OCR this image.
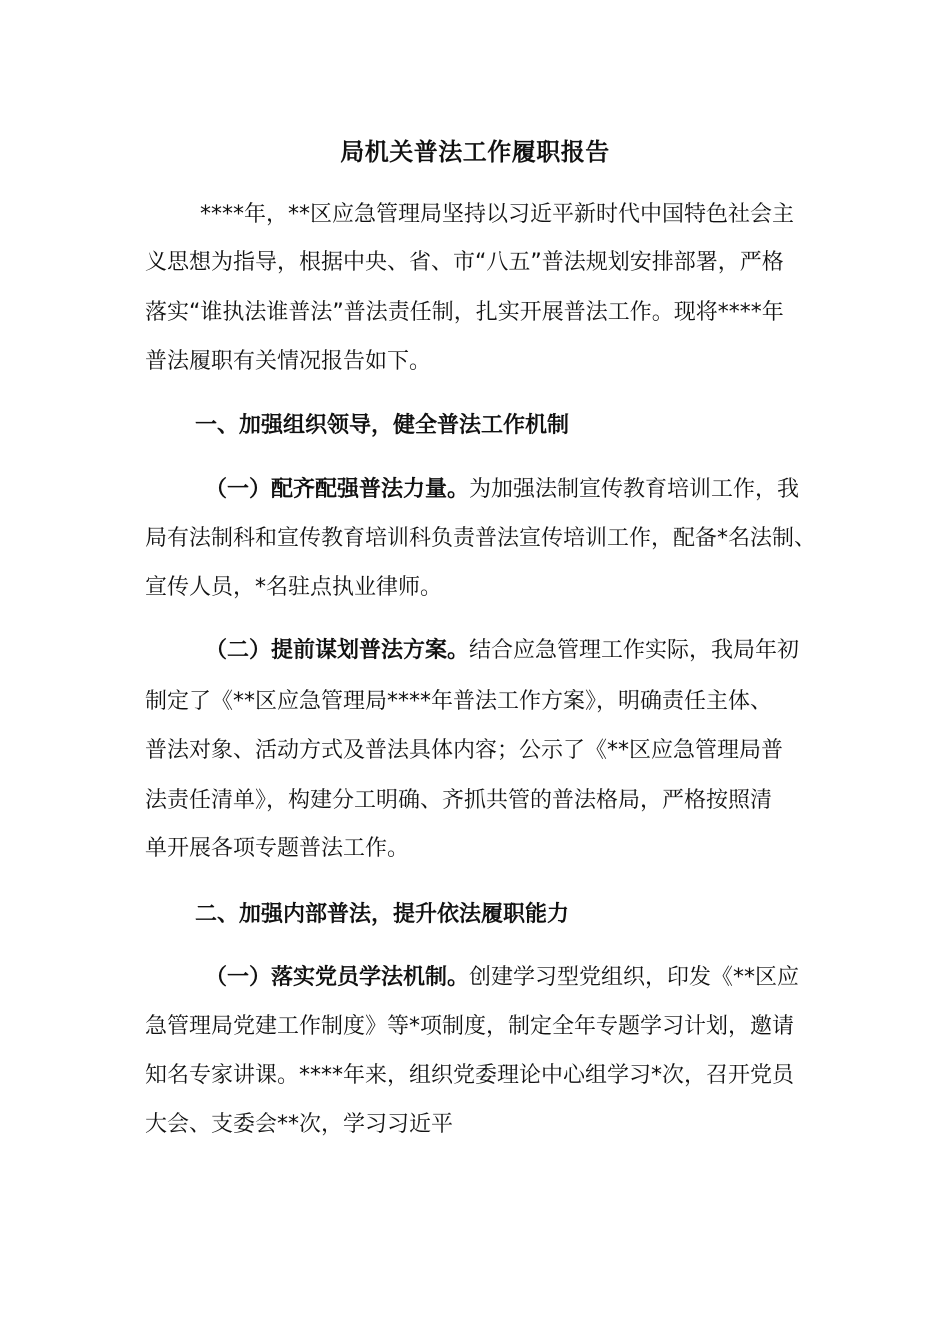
局机关普法工作履职报告
****年，**区应急管理局坚持以习近平新时代中国特色社会主
义思想为指导，根据中央、省、市“八五”普法规划安排部署，严格
落实“谁执法谁普法”普法责任制，扎实开展普法工作。现将****年
普法履职有关情况报告如下。
一、加强组织领导，健全普法工作机制
（一）配齐配强普法力量。为加强法制宣传教育培训工作，我
局有法制科和宣传教育培训科负责普法宣传培训工作，配备*名法制、
宣传人员，*名驻点执业律师。
（二）提前谋划普法方案。结合应急管理工作实际，我局年初
制定了《**区应急管理局****年普法工作方案》，明确责任主体、
普法对象、活动方式及普法具体内容；公示了《**区应急管理局普
法责任清单》，构建分工明确、齐抓共管的普法格局，严格按照清
单开展各项专题普法工作。
二、加强内部普法，提升依法履职能力
（一）落实党员学法机制。创建学习型党组织，印发《**区应
急管理局党建工作制度》等*项制度，制定全年专题学习计划，邀请
知名专家讲课。****年来，组织党委理论中心组学习*次，召开党员
大会、支委会**次，学习习近平
